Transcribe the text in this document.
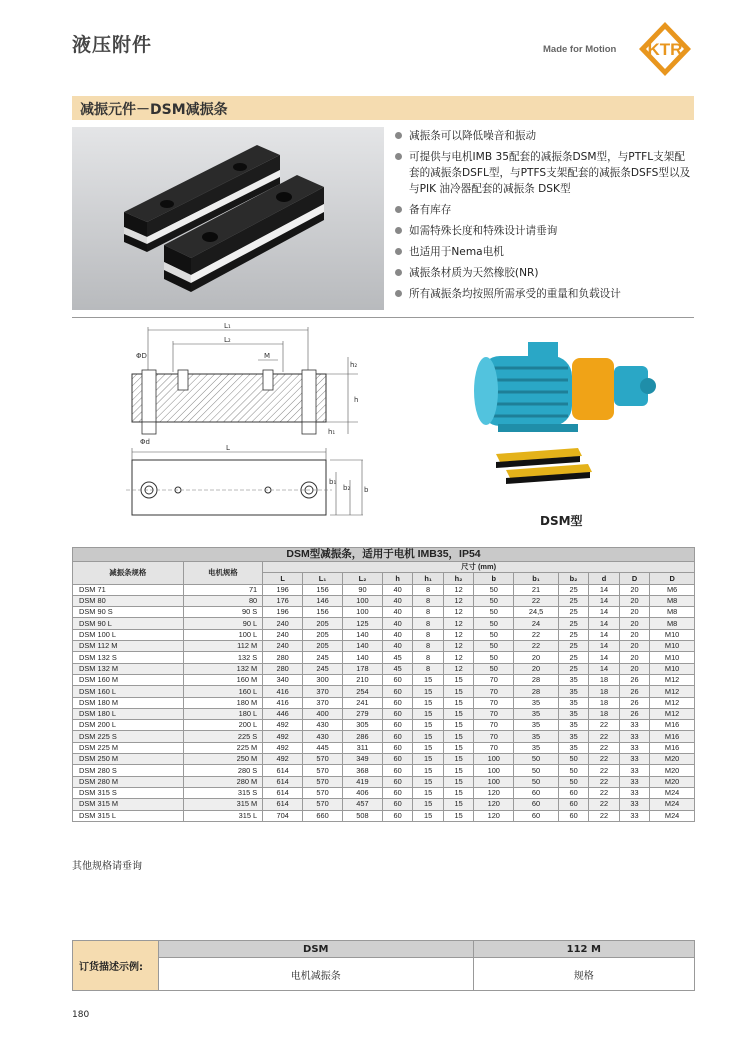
液压附件	Made for Motion KTR
减振元件－DSM减振条
减振条可以降低噪音和振动
可提供与电机IMB 35配套的减振条DSM型，与PTFL支架配套的减振条DSFL型，与PTFS支架配套的减振条DSFS型以及与PIK 油冷器配套的减振条 DSK型
备有库存
如需特殊长度和特殊设计请垂询
也适用于Nema电机
减振条材质为天然橡胶(NR)
所有减振条均按照所需承受的重量和负载设计
L₁
L₂
M
ΦD
Φd
h₂
h
h₁
L
b₁
b₂ b
DSM型
DSM型减振条，适用于电机 IMB35，IP54													
减振条规格	电机规格	尺寸 (mm)											
		L	L₁	L₂	h	h₁	h₂	b	b₁	b₂	d	D	D
DSM 71	71	196	156	90	40	8	12	50	21	25	14	20	M6
DSM 80	80	176	146	100	40	8	12	50	22	25	14	20	M8
DSM 90 S	90 S	196	156	100	40	8	12	50	24,5	25	14	20	M8
DSM 90 L	90 L	240	205	125	40	8	12	50	24	25	14	20	M8
DSM 100 L	100 L	240	205	140	40	8	12	50	22	25	14	20	M10
DSM 112 M	112 M	240	205	140	40	8	12	50	22	25	14	20	M10
DSM 132 S	132 S	280	245	140	45	8	12	50	20	25	14	20	M10
DSM 132 M	132 M	280	245	178	45	8	12	50	20	25	14	20	M10
DSM 160 M	160 M	340	300	210	60	15	15	70	28	35	18	26	M12
DSM 160 L	160 L	416	370	254	60	15	15	70	28	35	18	26	M12
DSM 180 M	180 M	416	370	241	60	15	15	70	35	35	18	26	M12
DSM 180 L	180 L	446	400	279	60	15	15	70	35	35	18	26	M12
DSM 200 L	200 L	492	430	305	60	15	15	70	35	35	22	33	M16
DSM 225 S	225 S	492	430	286	60	15	15	70	35	35	22	33	M16
DSM 225 M	225 M	492	445	311	60	15	15	70	35	35	22	33	M16
DSM 250 M	250 M	492	570	349	60	15	15	100	50	50	22	33	M20
DSM 280 S	280 S	614	570	368	60	15	15	100	50	50	22	33	M20
DSM 280 M	280 M	614	570	419	60	15	15	100	50	50	22	33	M20
DSM 315 S	315 S	614	570	406	60	15	15	120	60	60	22	33	M24
DSM 315 M	315 M	614	570	457	60	15	15	120	60	60	22	33	M24
DSM 315 L	315 L	704	660	508	60	15	15	120	60	60	22	33	M24
其他规格请垂询
订货描述示例:	DSM	112 M
	电机减振条	规格
180
